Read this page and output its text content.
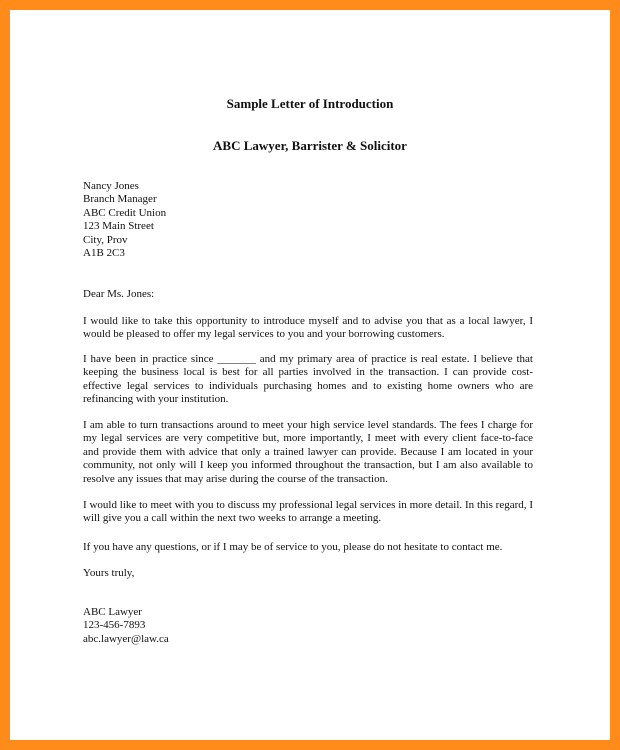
Sample Letter of Introduction
ABC Lawyer, Barrister & Solicitor
Nancy Jones
Branch Manager
ABC Credit Union
123 Main Street
City, Prov
A1B 2C3
Dear Ms. Jones:
I would like to take this opportunity to introduce myself and to advise you that as a local lawyer, I would be pleased to offer my legal services to you and your borrowing customers.
I have been in practice since _______ and my primary area of practice is real estate. I believe that keeping the business local is best for all parties involved in the transaction. I can provide cost-effective legal services to individuals purchasing homes and to existing home owners who are refinancing with your institution.
I am able to turn transactions around to meet your high service level standards. The fees I charge for my legal services are very competitive but, more importantly, I meet with every client face-to-face and provide them with advice that only a trained lawyer can provide. Because I am located in your community, not only will I keep you informed throughout the transaction, but I am also available to resolve any issues that may arise during the course of the transaction.
I would like to meet with you to discuss my professional legal services in more detail. In this regard, I will give you a call within the next two weeks to arrange a meeting.
If you have any questions, or if I may be of service to you, please do not hesitate to contact me.
Yours truly,
ABC Lawyer
123-456-7893
abc.lawyer@law.ca
